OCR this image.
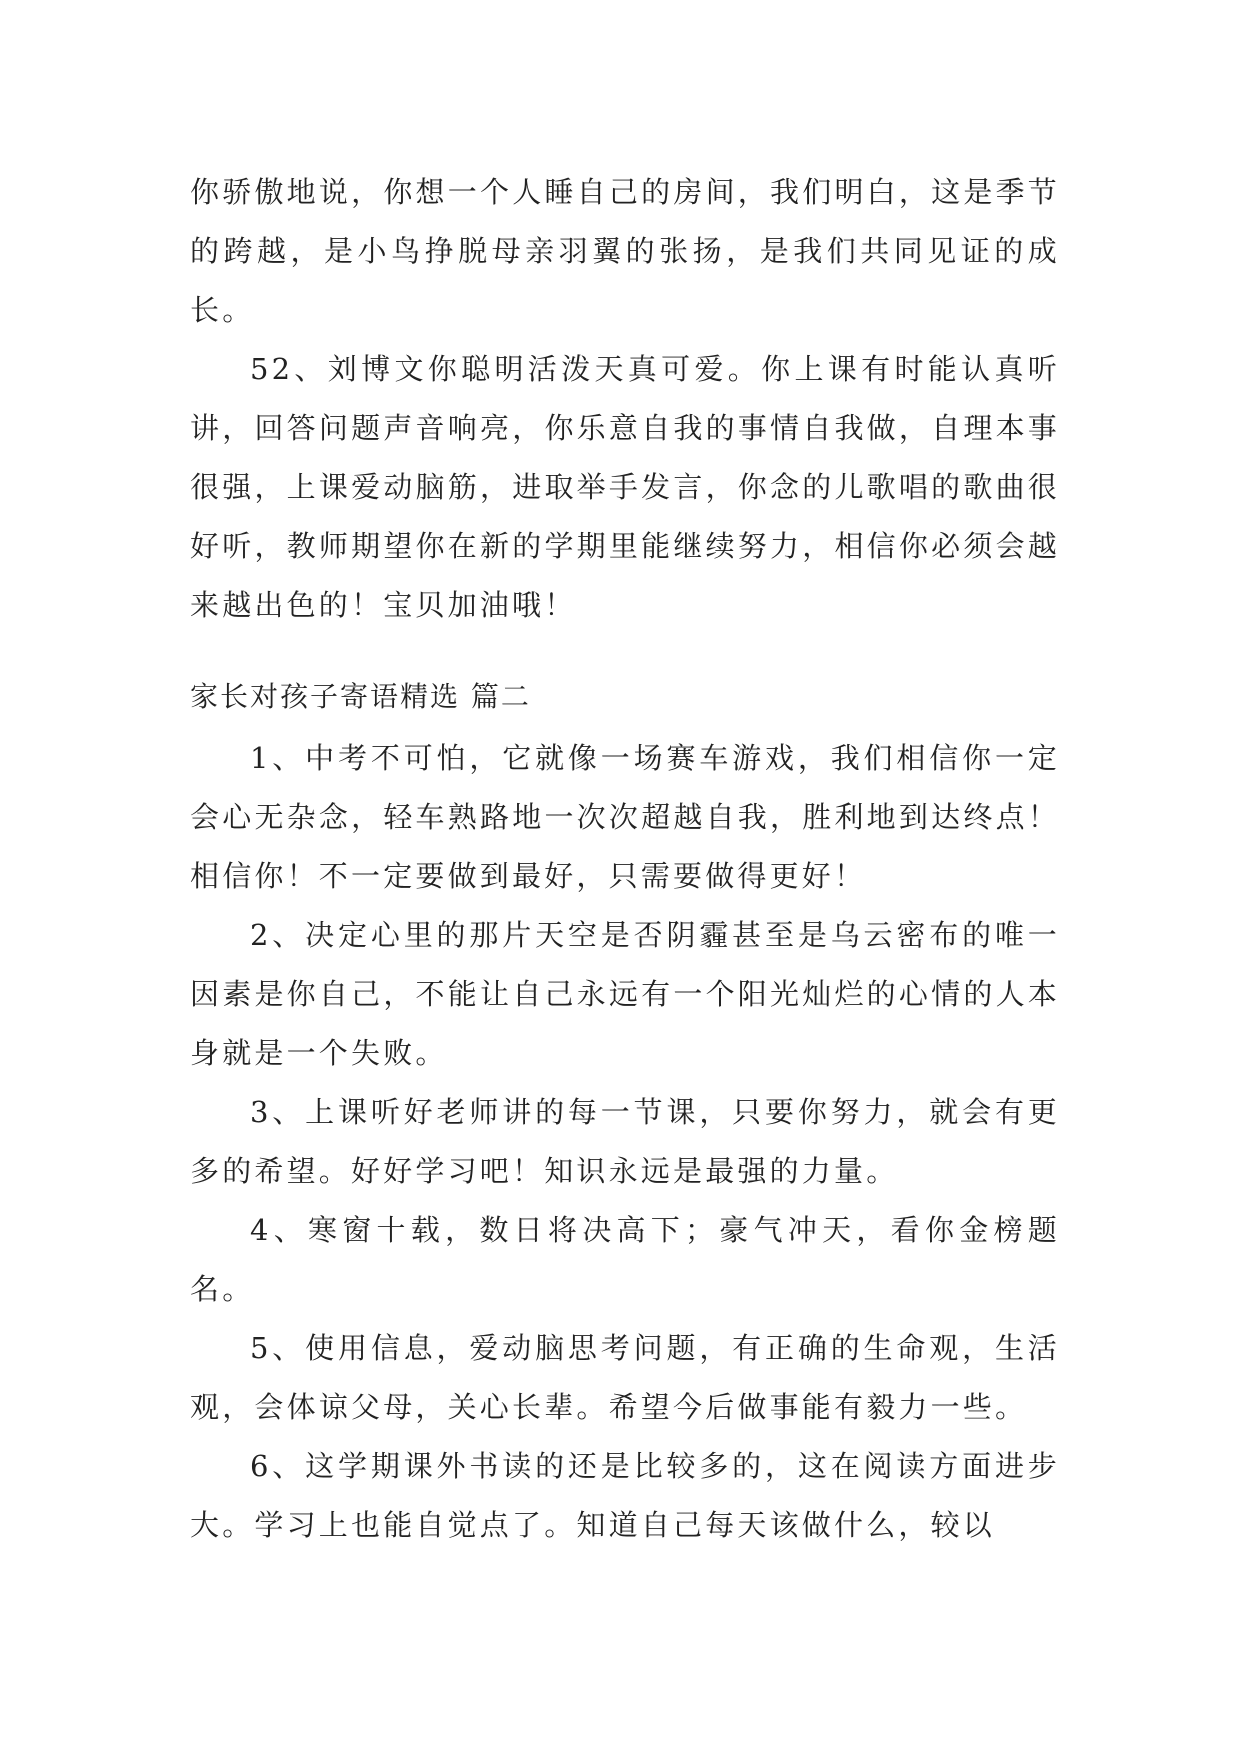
你骄傲地说，你想一个人睡自己的房间，我们明白，这是季节的跨越，是小鸟挣脱母亲羽翼的张扬，是我们共同见证的成长。

52、刘博文你聪明活泼天真可爱。你上课有时能认真听讲，回答问题声音响亮，你乐意自我的事情自我做，自理本事很强，上课爱动脑筋，进取举手发言，你念的儿歌唱的歌曲很好听，教师期望你在新的学期里能继续努力，相信你必须会越来越出色的！宝贝加油哦！

家长对孩子寄语精选 篇二

1、中考不可怕，它就像一场赛车游戏，我们相信你一定会心无杂念，轻车熟路地一次次超越自我，胜利地到达终点！相信你！不一定要做到最好，只需要做得更好！

2、决定心里的那片天空是否阴霾甚至是乌云密布的唯一因素是你自己，不能让自己永远有一个阳光灿烂的心情的人本身就是一个失败。

3、上课听好老师讲的每一节课，只要你努力，就会有更多的希望。好好学习吧！知识永远是最强的力量。

4、寒窗十载，数日将决高下；豪气冲天，看你金榜题名。

5、使用信息，爱动脑思考问题，有正确的生命观，生活观，会体谅父母，关心长辈。希望今后做事能有毅力一些。

6、这学期课外书读的还是比较多的，这在阅读方面进步大。学习上也能自觉点了。知道自己每天该做什么，较以
